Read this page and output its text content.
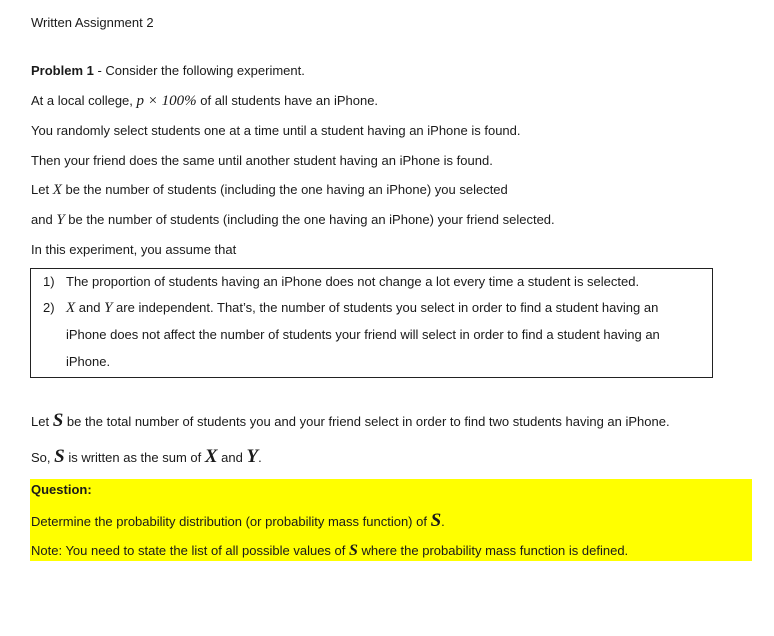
Written Assignment 2
Problem 1 - Consider the following experiment.
At a local college, p × 100% of all students have an iPhone.
You randomly select students one at a time until a student having an iPhone is found.
Then your friend does the same until another student having an iPhone is found.
Let X be the number of students (including the one having an iPhone) you selected
and Y be the number of students (including the one having an iPhone) your friend selected.
In this experiment, you assume that
1) The proportion of students having an iPhone does not change a lot every time a student is selected.
2) X and Y are independent. That’s, the number of students you select in order to find a student having an
iPhone does not affect the number of students your friend will select in order to find a student having an
iPhone.
Let S be the total number of students you and your friend select in order to find two students having an iPhone.
So, S is written as the sum of X and Y.
Question:
Determine the probability distribution (or probability mass function) of S.
Note: You need to state the list of all possible values of S where the probability mass function is defined.
